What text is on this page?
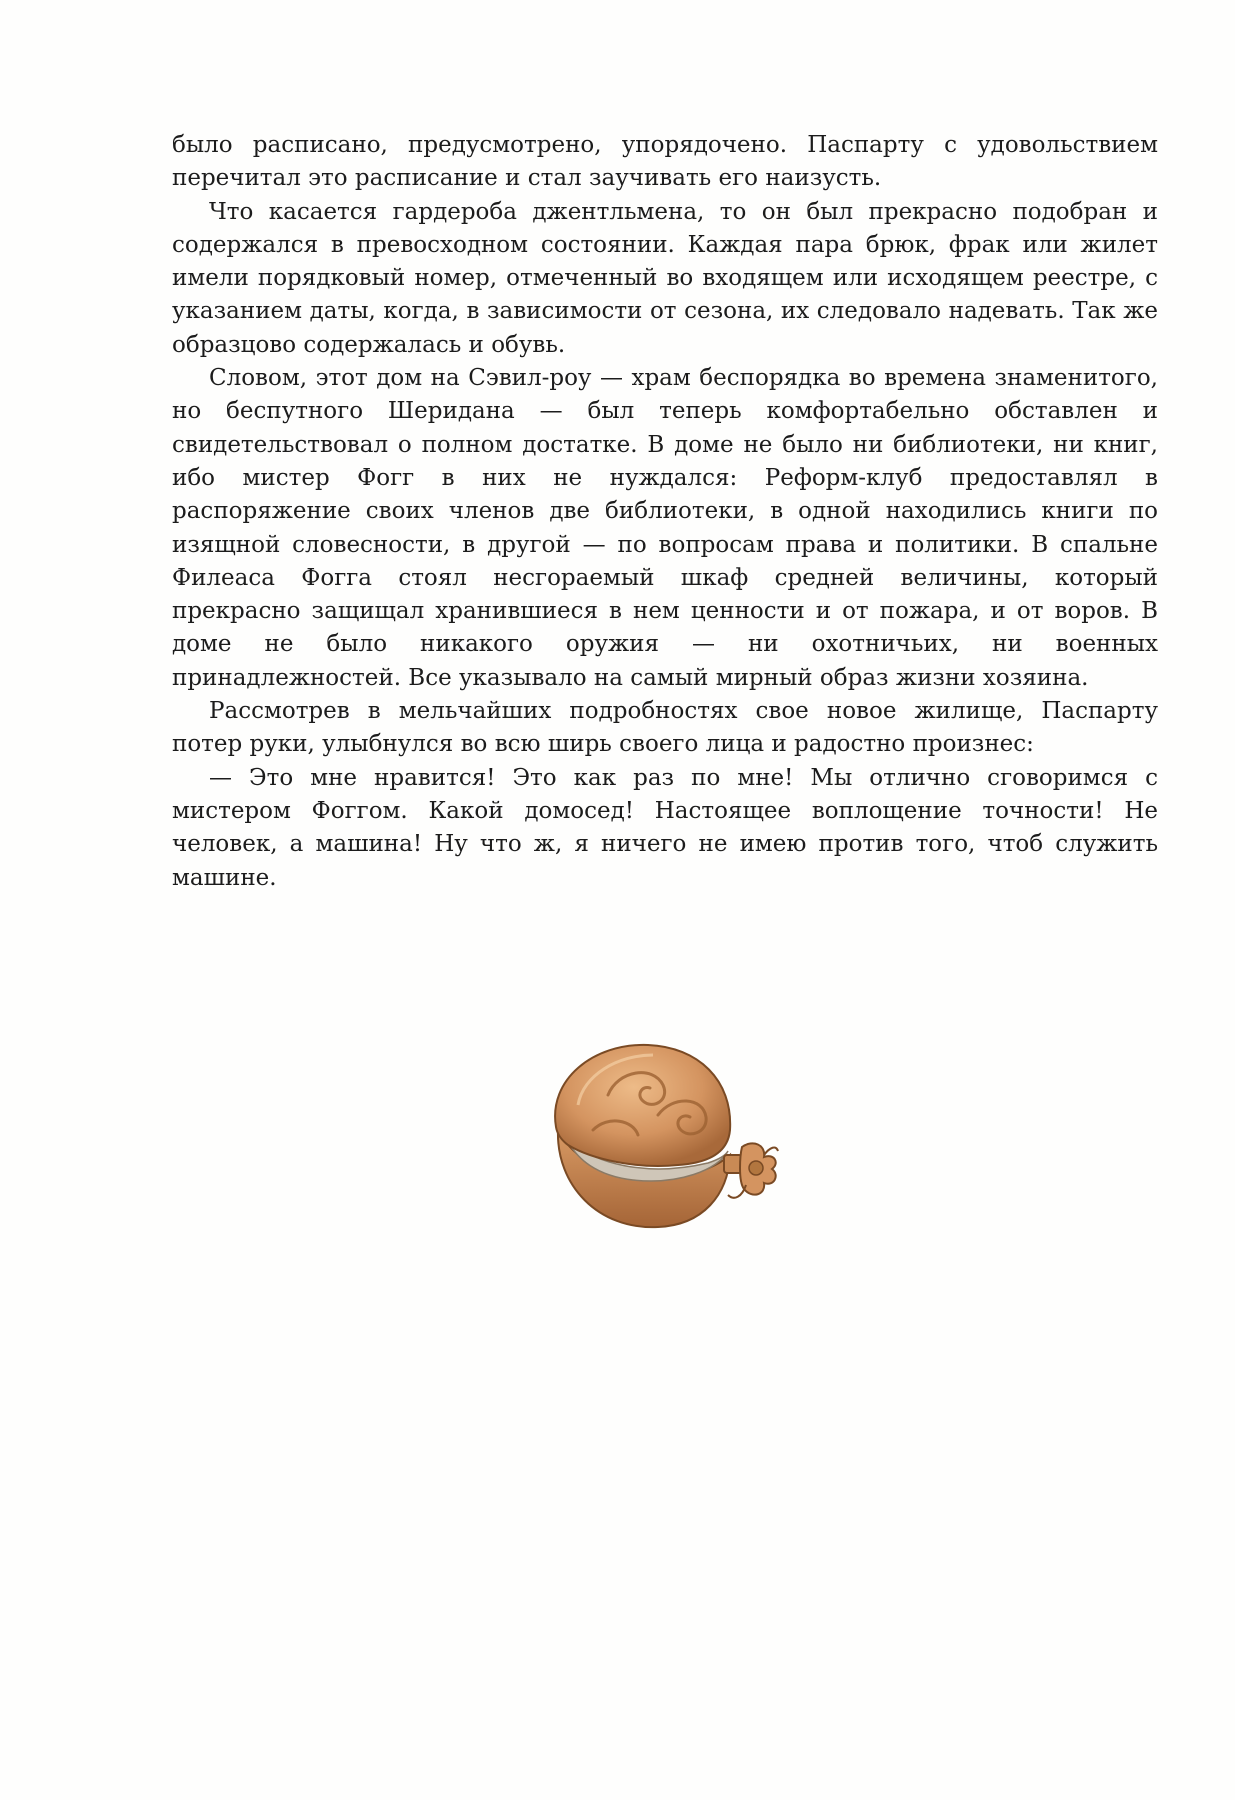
было расписано, предусмотрено, упорядочено. Паспарту с удовольствием перечитал это расписание и стал заучивать его наизусть.

Что касается гардероба джентльмена, то он был прекрасно подобран и содержался в превосходном состоянии. Каждая пара брюк, фрак или жилет имели порядковый номер, отмеченный во входящем или исходящем реестре, с указанием даты, когда, в зависимости от сезона, их следовало надевать. Так же образцово содержалась и обувь.

Словом, этот дом на Сэвил-роу — храм беспорядка во времена знаменитого, но беспутного Шеридана — был теперь комфортабельно обставлен и свидетельствовал о полном достатке. В доме не было ни библиотеки, ни книг, ибо мистер Фогг в них не нуждался: Реформ-клуб предоставлял в распоряжение своих членов две библиотеки, в одной находились книги по изящной словесности, в другой — по вопросам права и политики. В спальне Филеаса Фогга стоял несгораемый шкаф средней величины, который прекрасно защищал хранившиеся в нем ценности и от пожара, и от воров. В доме не было никакого оружия — ни охотничьих, ни военных принадлежностей. Все указывало на самый мирный образ жизни хозяина.

Рассмотрев в мельчайших подробностях свое новое жилище, Паспарту потер руки, улыбнулся во всю ширь своего лица и радостно произнес:

— Это мне нравится! Это как раз по мне! Мы отлично сговоримся с мистером Фоггом. Какой домосед! Настоящее воплощение точности! Не человек, а машина! Ну что ж, я ничего не имею против того, чтоб служить машине.
